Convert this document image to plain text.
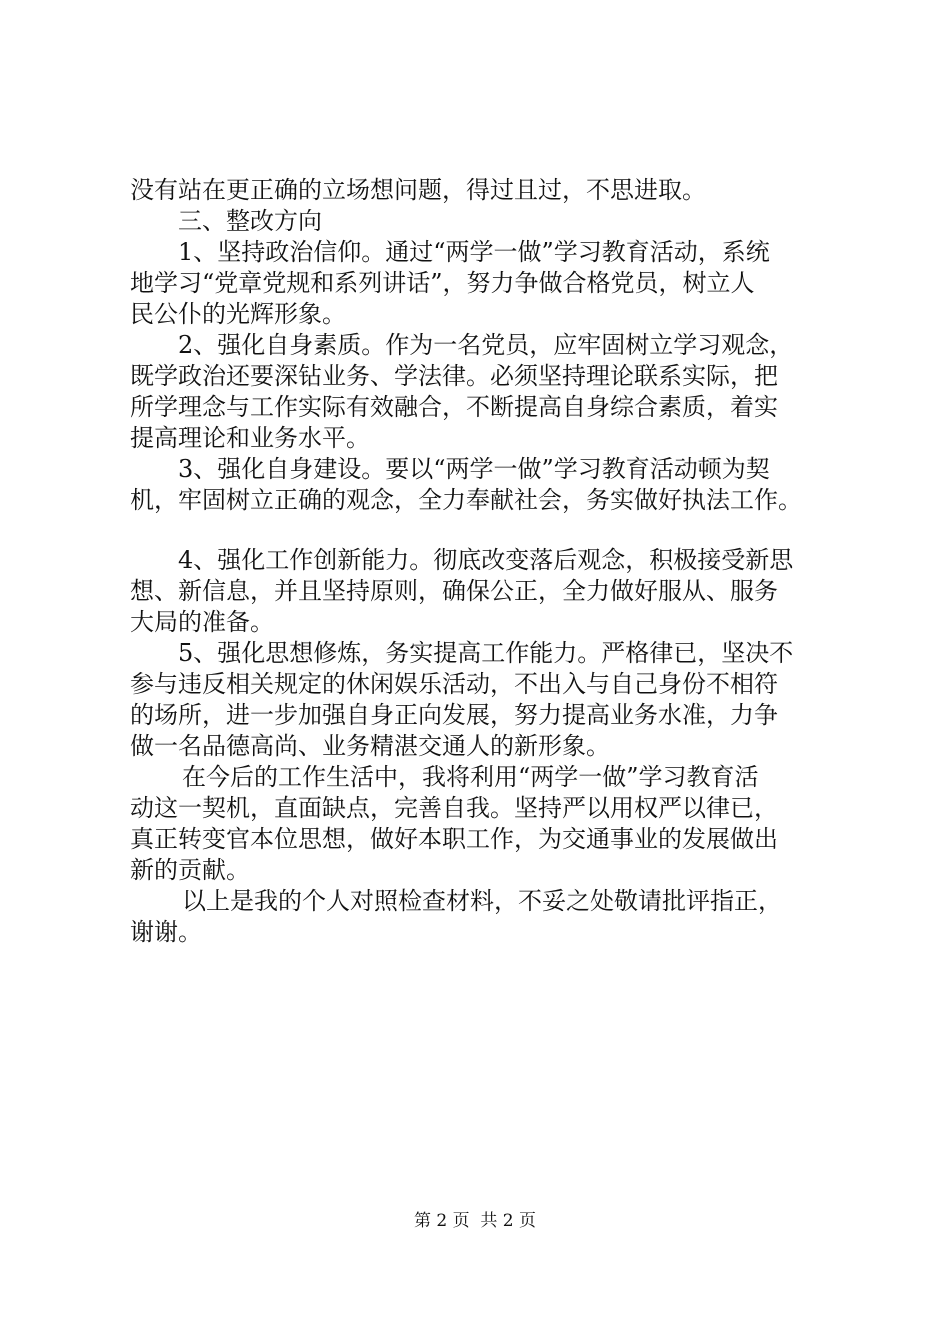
没有站在更正确的立场想问题，得过且过，不思进取。
三、整改方向
1、坚持政治信仰。通过“两学一做”学习教育活动，系统
地学习“党章党规和系列讲话”，努力争做合格党员，树立人
民公仆的光辉形象。
2、强化自身素质。作为一名党员，应牢固树立学习观念，
既学政治还要深钻业务、学法律。必须坚持理论联系实际，把
所学理念与工作实际有效融合，不断提高自身综合素质，着实
提高理论和业务水平。
3、强化自身建设。要以“两学一做”学习教育活动顿为契
机，牢固树立正确的观念，全力奉献社会，务实做好执法工作。
4、强化工作创新能力。彻底改变落后观念，积极接受新思
想、新信息，并且坚持原则，确保公正，全力做好服从、服务
大局的准备。
5、强化思想修炼，务实提高工作能力。严格律已，坚决不
参与违反相关规定的休闲娱乐活动，不出入与自己身份不相符
的场所，进一步加强自身正向发展，努力提高业务水准，力争
做一名品德高尚、业务精湛交通人的新形象。
在今后的工作生活中，我将利用“两学一做”学习教育活
动这一契机，直面缺点，完善自我。坚持严以用权严以律已，
真正转变官本位思想，做好本职工作，为交通事业的发展做出
新的贡献。
以上是我的个人对照检查材料，不妥之处敬请批评指正，
谢谢。
第 2 页  共 2 页
